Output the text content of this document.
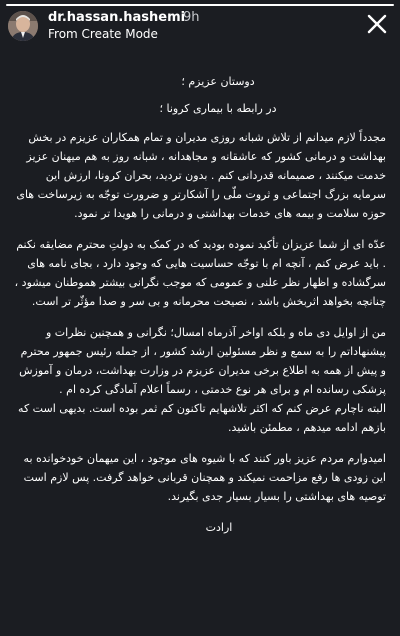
dr.hassan.hashemi
9h
From Create Mode

دوستان عزیزم ؛

در رابطه با بیماری کرونا ؛

مجدداً لازم میدانم از تلاش شبانه روزی مدیران و تمام همکاران عزیزم در بخش بهداشت و درمانی کشور که عاشقانه و مجاهدانه ، شبانه روز به هم میهنان عزیز خدمت میکنند ، صمیمانه قدردانی کنم . بدون تردید، بحران کرونا، ارزش این سرمایه بزرگ اجتماعی و ثروت ملّی را آشکارتر و ضرورت توجّه به زیرساخت های حوزه سلامت و بیمه های خدمات بهداشتی و درمانی را هویدا تر نمود.

عدّه ای از شما عزیزان تأکید نموده بودید که در کمک به دولتِ محترم مضایقه نکنم . باید عرض کنم ، آنچه ام با توجّه حساسیت هایی که وجود دارد ، بجای نامه های سرگشاده و اظهار نظر علنی و عمومی که موجب نگرانی بیشتر هموطنان میشود ، چنانچه بخواهد اثربخش باشد ، نصیحت محرمانه و بی سر و صدا مؤثّر تر است.

من از اوایل دی ماه و بلکه اواخر آذرماه امسال؛ نگرانی و همچنین نظرات و پیشنهاداتم را به سمع و نظر مسئولین ارشد کشور ، از جمله رئیس جمهور محترم و پیش از همه به اطلاع برخی مدیران عزیزم در وزارت بهداشت، درمان و آموزش پزشکی رسانده ام و برای هر نوع خدمتی ، رسماً اعلام آمادگی کرده ام .

البته ناچارم عرض کنم که اکثر تلاشهایم تاکنون کم ثمر بوده است. بدیهی است که بازهم ادامه میدهم ، مطمئن باشید.

امیدوارم مردم عزیز باور کنند که با شیوه های موجود ، این میهمان خودخوانده به این زودی ها رفع مزاحمت نمیکند و همچنان قربانی خواهد گرفت. پس لازم است توصیه های بهداشتی را بسیار بسیار جدی بگیرند.

ارادت
